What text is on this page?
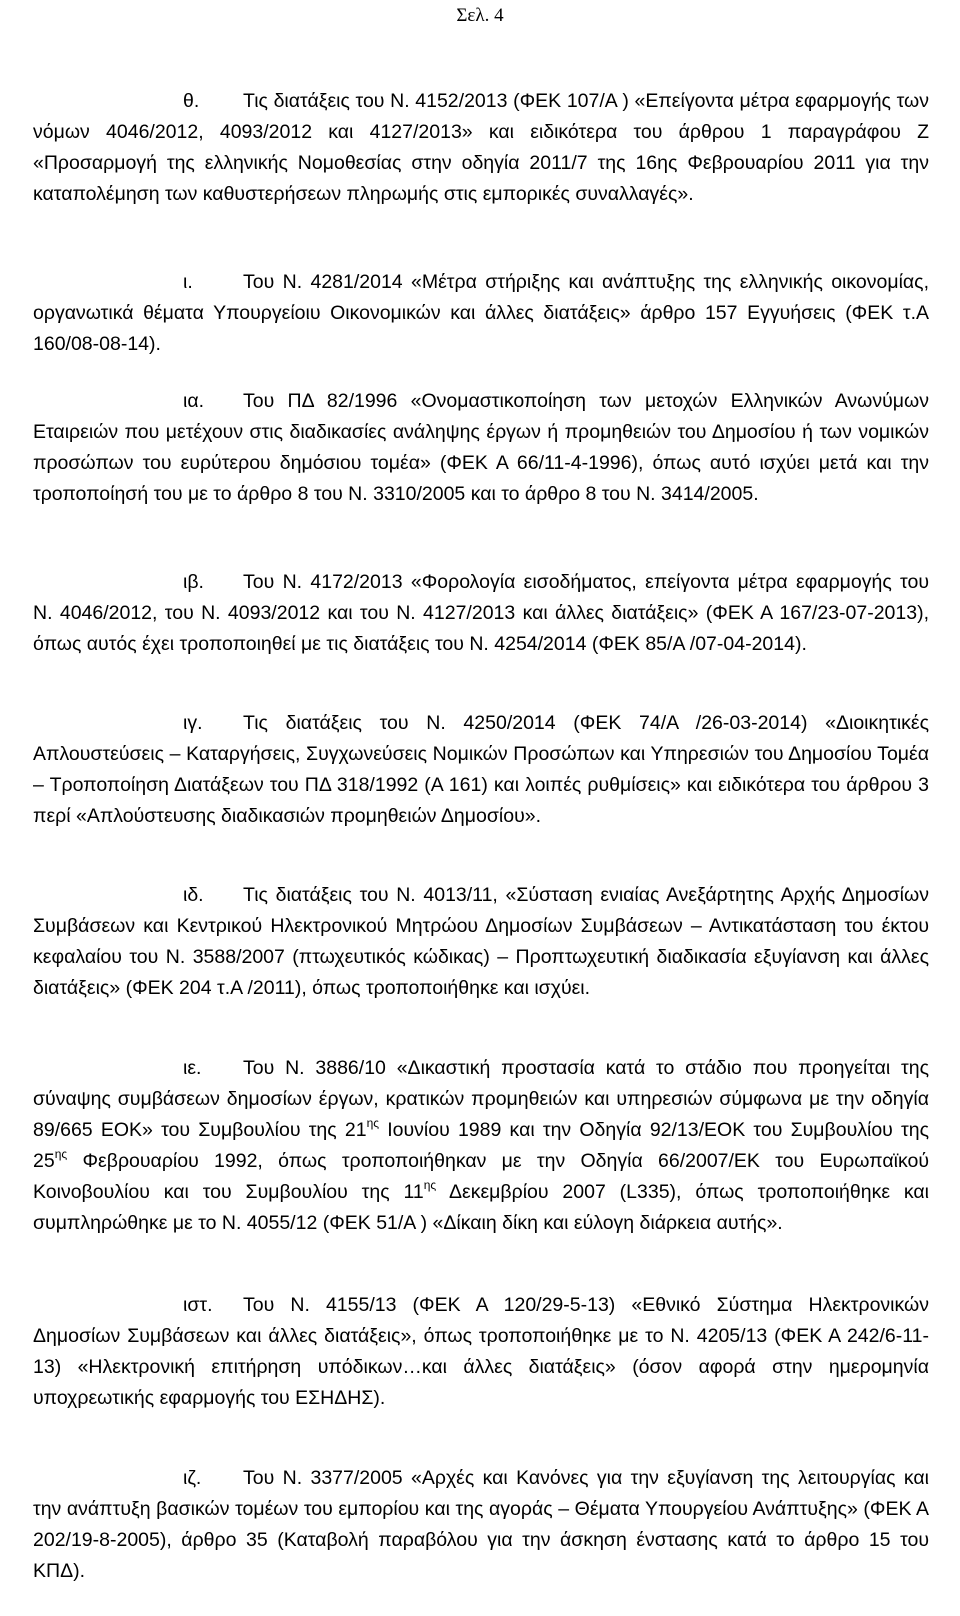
Σελ. 4

θ. Τις διατάξεις του Ν. 4152/2013 (ΦΕΚ 107/Α ) «Επείγοντα μέτρα εφαρμογής των νόμων 4046/2012, 4093/2012 και 4127/2013» και ειδικότερα του άρθρου 1 παραγράφου Ζ «Προσαρμογή της ελληνικής Νομοθεσίας στην οδηγία 2011/7 της 16ης Φεβρουαρίου 2011 για την καταπολέμηση των καθυστερήσεων πληρωμής στις εμπορικές συναλλαγές».

ι.	Του Ν. 4281/2014 «Μέτρα στήριξης και ανάπτυξης της ελληνικής οικονομίας, οργανωτικά θέματα Υπουργείοιυ Οικονομικών και άλλες διατάξεις» άρθρο 157 Εγγυήσεις (ΦΕΚ τ.Α 160/08-08-14).

ια. Του ΠΔ 82/1996 «Ονομαστικοποίηση των μετοχών Ελληνικών Ανωνύμων Εταιρειών που μετέχουν στις διαδικασίες ανάληψης έργων ή προμηθειών του Δημοσίου ή των νομικών προσώπων του ευρύτερου δημόσιου τομέα» (ΦΕΚ Α 66/11-4-1996), όπως αυτό ισχύει μετά και την τροποποίησή του με το άρθρο 8 του Ν. 3310/2005 και το άρθρο 8 του Ν. 3414/2005.

ιβ. Του Ν. 4172/2013 «Φορολογία εισοδήματος, επείγοντα μέτρα εφαρμογής του Ν. 4046/2012, του Ν. 4093/2012 και του Ν. 4127/2013 και άλλες διατάξεις» (ΦΕΚ Α 167/23-07-2013), όπως αυτός έχει τροποποιηθεί με τις διατάξεις του Ν. 4254/2014 (ΦΕΚ 85/Α /07-04-2014).

ιγ. Τις διατάξεις του Ν. 4250/2014 (ΦΕΚ 74/Α /26-03-2014) «Διοικητικές Απλουστεύσεις – Καταργήσεις, Συγχωνεύσεις Νομικών Προσώπων και Υπηρεσιών του Δημοσίου Τομέα – Τροποποίηση Διατάξεων του ΠΔ 318/1992 (Α 161) και λοιπές ρυθμίσεις» και ειδικότερα του άρθρου 3 περί «Απλούστευσης διαδικασιών προμηθειών Δημοσίου».

ιδ. Τις διατάξεις του Ν. 4013/11, «Σύσταση ενιαίας Ανεξάρτητης Αρχής Δημοσίων Συμβάσεων και Κεντρικού Ηλεκτρονικού Μητρώου Δημοσίων Συμβάσεων – Αντικατάσταση του έκτου κεφαλαίου του Ν. 3588/2007 (πτωχευτικός κώδικας) – Προπτωχευτική διαδικασία εξυγίανση και άλλες διατάξεις» (ΦΕΚ 204 τ.Α /2011), όπως τροποποιήθηκε και ισχύει.

ιε. Του Ν. 3886/10 «Δικαστική προστασία κατά το στάδιο που προηγείται της σύναψης συμβάσεων δημοσίων έργων, κρατικών προμηθειών και υπηρεσιών σύμφωνα με την οδηγία 89/665 ΕΟΚ» του Συμβουλίου της $21^{\eta\varsigma}$ Ιουνίου 1989 και την Οδηγία 92/13/ΕΟΚ του Συμβουλίου της $25^{\eta\varsigma}$ Φεβρουαρίου 1992, όπως τροποποιήθηκαν με την Οδηγία 66/2007/ΕΚ του Ευρωπαϊκού Κοινοβουλίου και του Συμβουλίου της $11^{\eta\varsigma}$ Δεκεμβρίου 2007 (L335), όπως τροποποιήθηκε και συμπληρώθηκε με το Ν. 4055/12 (ΦΕΚ 51/Α ) «Δίκαιη δίκη και εύλογη διάρκεια αυτής».

ιστ. Του Ν. 4155/13 (ΦΕΚ Α 120/29-5-13) «Εθνικό Σύστημα Ηλεκτρονικών Δημοσίων Συμβάσεων και άλλες διατάξεις», όπως τροποποιήθηκε με το Ν. 4205/13 (ΦΕΚ Α 242/6-11-13) «Ηλεκτρονική επιτήρηση υπόδικων…και άλλες διατάξεις» (όσον αφορά στην ημερομηνία υποχρεωτικής εφαρμογής του ΕΣΗΔΗΣ).

ιζ. Του Ν. 3377/2005 «Αρχές και Κανόνες για την εξυγίανση της λειτουργίας και την ανάπτυξη βασικών τομέων του εμπορίου και της αγοράς – Θέματα Υπουργείου Ανάπτυξης» (ΦΕΚ Α 202/19-8-2005), άρθρο 35 (Καταβολή παραβόλου για την άσκηση ένστασης κατά το άρθρο 15 του ΚΠΔ).
